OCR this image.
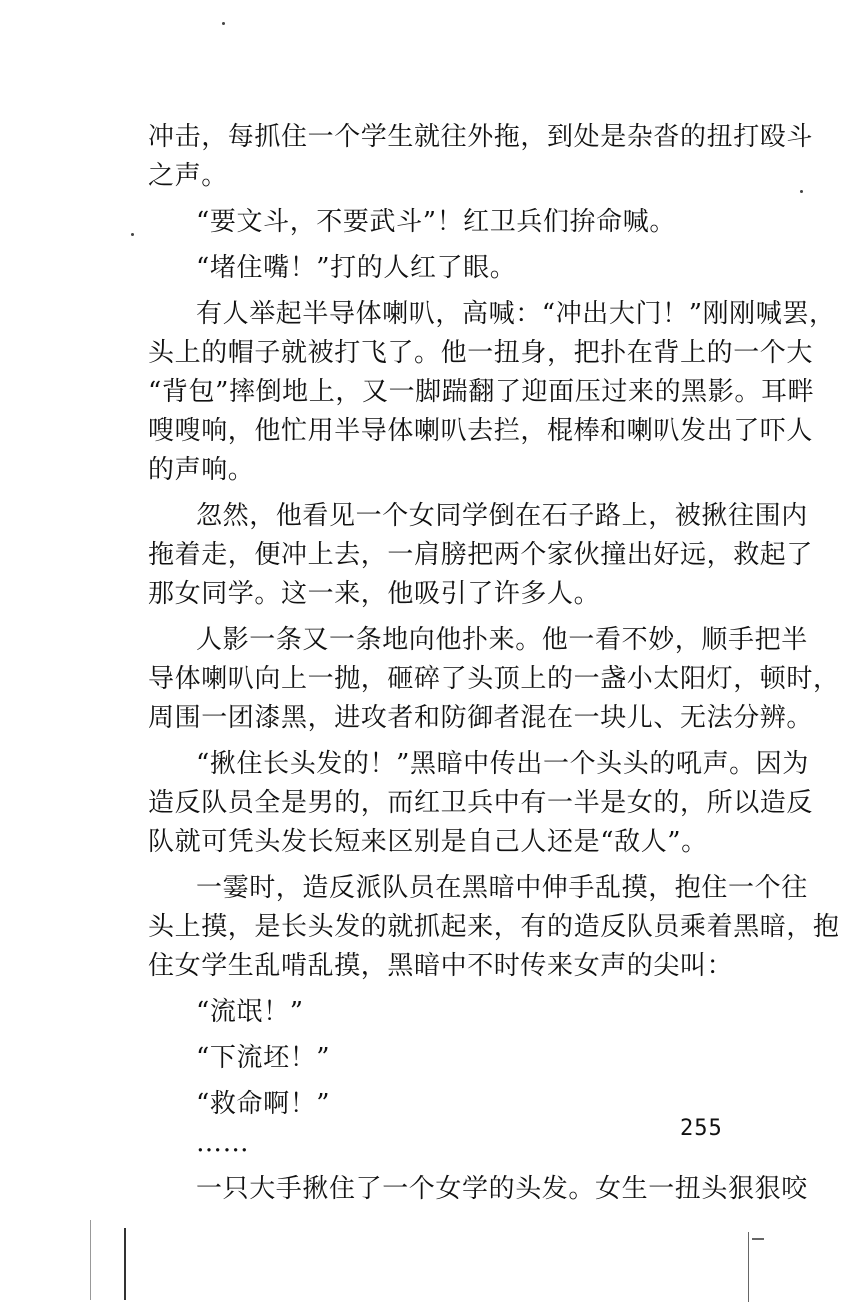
冲击，每抓住一个学生就往外拖，到处是杂沓的扭打殴斗
之声。
“要文斗，不要武斗”！红卫兵们拚命喊。
“堵住嘴！”打的人红了眼。
有人举起半导体喇叭，高喊：“冲出大门！”刚刚喊罢，
头上的帽子就被打飞了。他一扭身，把扑在背上的一个大
“背包”摔倒地上，又一脚踹翻了迎面压过来的黑影。耳畔
嗖嗖响，他忙用半导体喇叭去拦，棍棒和喇叭发出了吓人
的声响。
忽然，他看见一个女同学倒在石子路上，被揪往围内
拖着走，便冲上去，一肩膀把两个家伙撞出好远，救起了
那女同学。这一来，他吸引了许多人。
人影一条又一条地向他扑来。他一看不妙，顺手把半
导体喇叭向上一抛，砸碎了头顶上的一盏小太阳灯，顿时，
周围一团漆黑，进攻者和防御者混在一块儿、无法分辨。
“揪住长头发的！”黑暗中传出一个头头的吼声。因为
造反队员全是男的，而红卫兵中有一半是女的，所以造反
队就可凭头发长短来区别是自己人还是“敌人”。
一霎时，造反派队员在黑暗中伸手乱摸，抱住一个往
头上摸，是长头发的就抓起来，有的造反队员乘着黑暗，抱
住女学生乱啃乱摸，黑暗中不时传来女声的尖叫：
“流氓！”
“下流坯！”
“救命啊！”
……
一只大手揪住了一个女学的头发。女生一扭头狠狠咬
255
